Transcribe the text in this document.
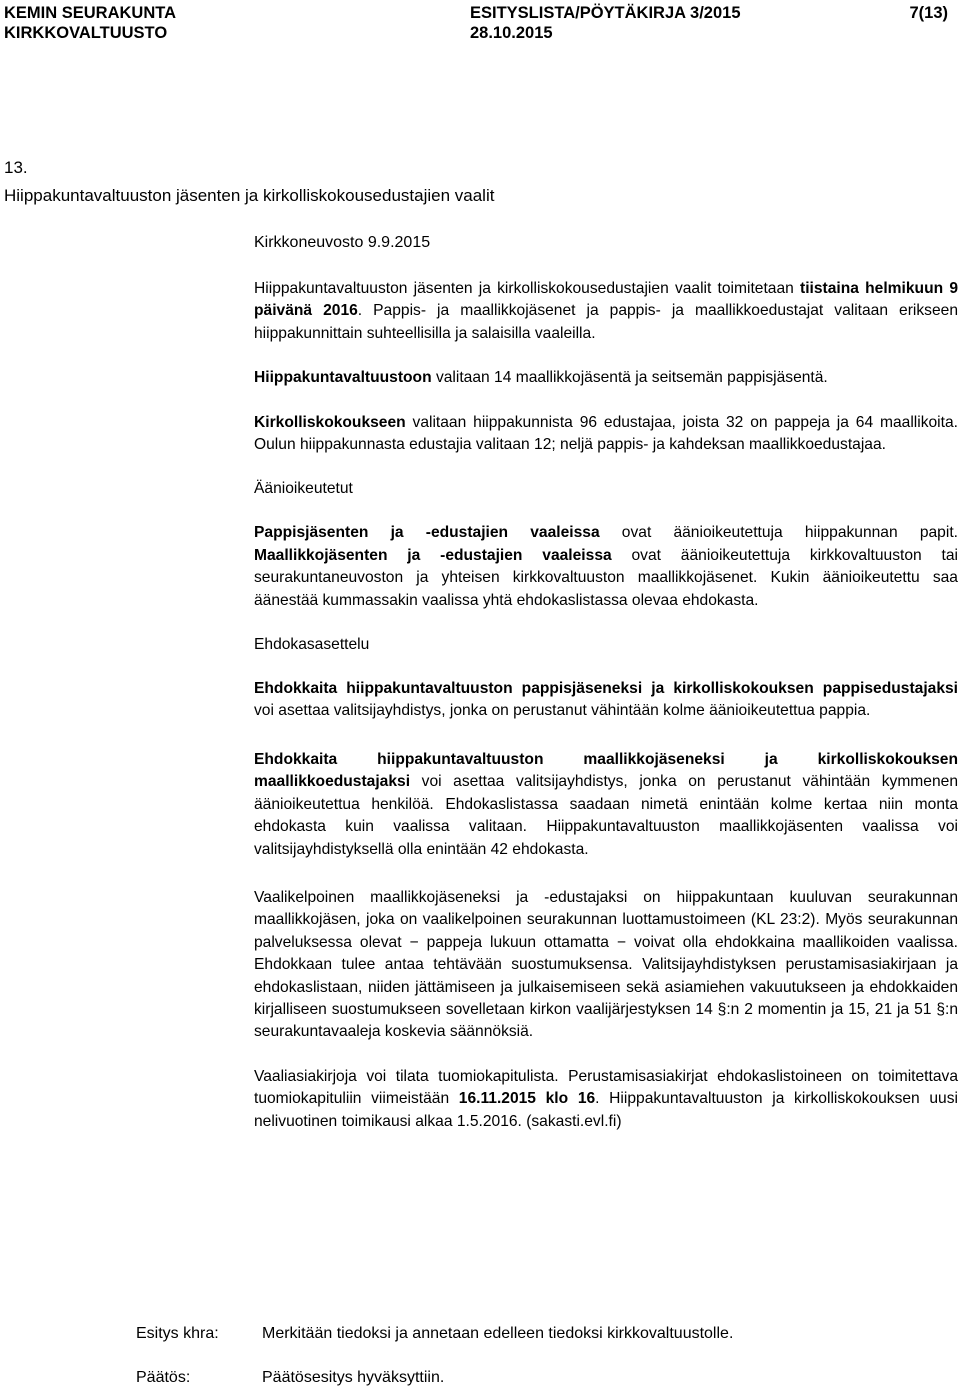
KEMIN SEURAKUNTA
KIRKKOVALTUUSTO
ESITYSLISTA/PÖYTÄKIRJA 3/2015
28.10.2015
7(13)
13.
Hiippakuntavaltuuston jäsenten ja kirkolliskokousedustajien vaalit
Kirkkoneuvosto 9.9.2015

Hiippakuntavaltuuston jäsenten ja kirkolliskokousedustajien vaalit toimitetaan tiistaina helmikuun 9 päivänä 2016. Pappis- ja maallikkojäsenet ja pappis- ja maallikkoedustajat valitaan erikseen hiippakunnittain suhteellisilla ja salaisilla vaaleilla.

Hiippakuntavaltuustoon valitaan 14 maallikkojäsentä ja seitsemän pappisjäsentä.

Kirkolliskokoukseen valitaan hiippakunnista 96 edustajaa, joista 32 on pappeja ja 64 maallikoita. Oulun hiippakunnasta edustajia valitaan 12; neljä pappis- ja kahdeksan maallikkoedustajaa.

Äänioikeutetut

Pappisjäsenten ja -edustajien vaaleissa ovat äänioikeutettuja hiippakunnan papit. Maallikkojäsenten ja -edustajien vaaleissa ovat äänioikeutettuja kirkkovaltuuston tai seurakuntaneuvoston ja yhteisen kirkkovaltuuston maallikkojäsenet. Kukin äänioikeutettu saa äänestää kummassakin vaalissa yhtä ehdokaslistassa olevaa ehdokasta.

Ehdokasasettelu

Ehdokkaita hiippakuntavaltuuston pappisjäseneksi ja kirkolliskokouksen pappisedustajaksi voi asettaa valitsijayhdistys, jonka on perustanut vähintään kolme äänioikeutettua pappia.

Ehdokkaita hiippakuntavaltuuston maallikkojäseneksi ja kirkolliskokouksen maallikkoedustajaksi voi asettaa valitsijayhdistys, jonka on perustanut vähintään kymmenen äänioikeutettua henkilöä. Ehdokaslistassa saadaan nimetä enintään kolme kertaa niin monta ehdokasta kuin vaalissa valitaan. Hiippakuntavaltuuston maallikkojäsenten vaalissa voi valitsijayhdistyksellä olla enintään 42 ehdokasta.

Vaalikelpoinen maallikkojäseneksi ja -edustajaksi on hiippakuntaan kuuluvan seurakunnan maallikkojäsen, joka on vaalikelpoinen seurakunnan luottamustoimeen (KL 23:2). Myös seurakunnan palveluksessa olevat − pappeja lukuun ottamatta − voivat olla ehdokkaina maallikoiden vaalissa. Ehdokkaan tulee antaa tehtävään suostumuksensa. Valitsijayhdistyksen perustamisasiakirjaan ja ehdokaslistaan, niiden jättämiseen ja julkaisemiseen sekä asiamiehen vakuutukseen ja ehdokkaiden kirjalliseen suostumukseen sovelletaan kirkon vaalijärjestyksen 14 §:n 2 momentin ja 15, 21 ja 51 §:n seurakuntavaaleja koskevia säännöksiä.

Vaaliasiakirjoja voi tilata tuomiokapitulista. Perustamisasiakirjat ehdokaslistoineen on toimitettava tuomiokapituliin viimeistään 16.11.2015 klo 16. Hiippakuntavaltuuston ja kirkolliskokouksen uusi nelivuotinen toimikausi alkaa 1.5.2016. (sakasti.evl.fi)

Esitys khra:	Merkitään tiedoksi ja annetaan edelleen tiedoksi kirkkovaltuustolle.
Päätös:	Päätösesitys hyväksyttiin.
